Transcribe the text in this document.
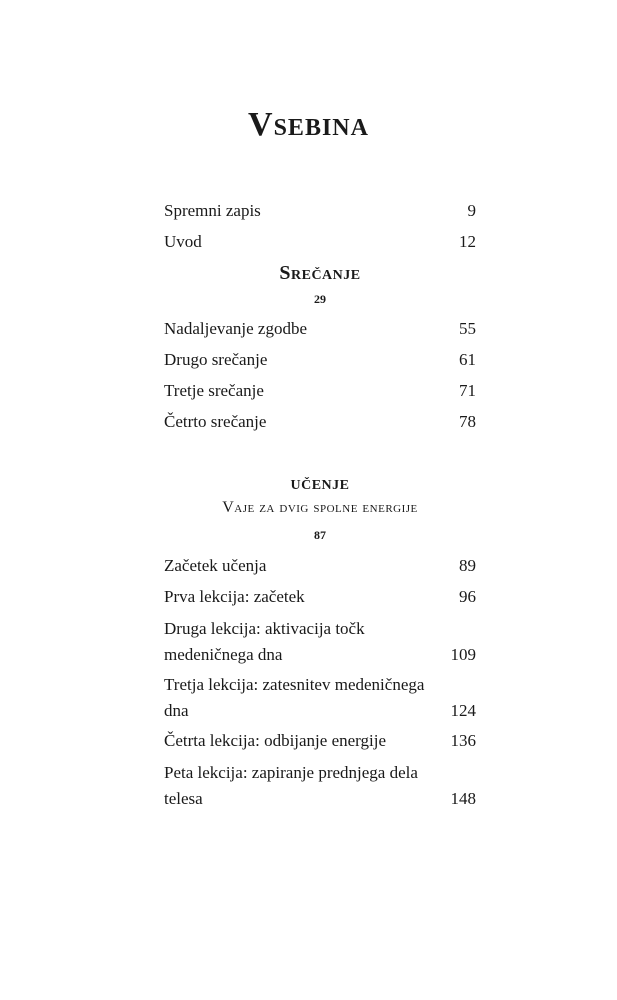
Vsebina
Spremni zapis	9
Uvod	12
Srečanje
29
Nadaljevanje zgodbe	55
Drugo srečanje	61
Tretje srečanje	71
Četrto srečanje	78
učenje
Vaje za dvig spolne energije
87
Začetek učenja	89
Prva lekcija: začetek	96
Druga lekcija: aktivacija točk medeničnega dna	109
Tretja lekcija: zatesnitev medeničnega dna	124
Četrta lekcija: odbijanje energije	136
Peta lekcija: zapiranje prednjega dela telesa	148
